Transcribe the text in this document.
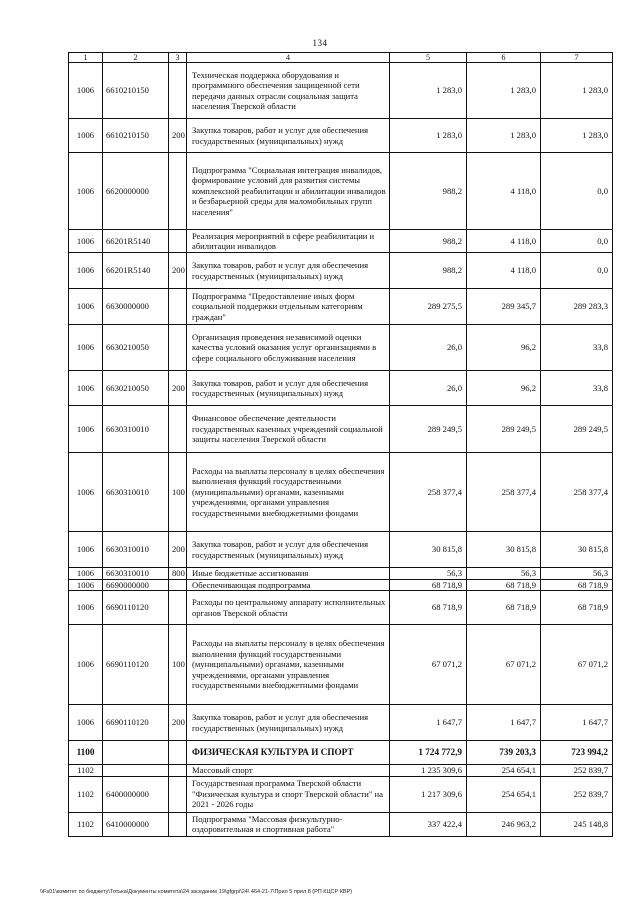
134
1	2	3	4	5	6	7
1006	6610210150		Техническая поддержка оборудования и программного обеспечения защищенной сети передачи данных отрасли социальная защита населения Тверской области	1 283,0	1 283,0	1 283,0
1006	6610210150	200	Закупка товаров, работ и услуг для обеспечения государственных (муниципальных) нужд	1 283,0	1 283,0	1 283,0
1006	6620000000		Подпрограмма "Социальная интеграция инвалидов, формирование условий для развития системы комплексной реабилитации и абилитации инвалидов и безбарьерной среды для маломобильных групп населения"	988,2	4 118,0	0,0
1006	66201R5140		Реализация мероприятий в сфере реабилитации и абилитации инвалидов	988,2	4 118,0	0,0
1006	66201R5140	200	Закупка товаров, работ и услуг для обеспечения государственных (муниципальных) нужд	988,2	4 118,0	0,0
1006	6630000000		Подпрограмма "Предоставление иных форм социальной поддержки отдельным категориям граждан"	289 275,5	289 345,7	289 283,3
1006	6630210050		Организация проведения независимой оценки качества условий оказания услуг организациями в сфере социального обслуживания населения	26,0	96,2	33,8
1006	6630210050	200	Закупка товаров, работ и услуг для обеспечения государственных (муниципальных) нужд	26,0	96,2	33,8
1006	6630310010		Финансовое обеспечение деятельности государственных казенных учреждений социальной защиты населения Тверской области	289 249,5	289 249,5	289 249,5
1006	6630310010	100	Расходы на выплаты персоналу в целях обеспечения выполнения функций государственными (муниципальными) органами, казенными учреждениями, органами управления государственными внебюджетными фондами	258 377,4	258 377,4	258 377,4
1006	6630310010	200	Закупка товаров, работ и услуг для обеспечения государственных (муниципальных) нужд	30 815,8	30 815,8	30 815,8
1006	6630310010	800	Иные бюджетные ассигнования	56,3	56,3	56,3
1006	6690000000		Обеспечивающая подпрограмма	68 718,9	68 718,9	68 718,9
1006	6690110120		Расходы по центральному аппарату исполнительных органов Тверской области	68 718,9	68 718,9	68 718,9
1006	6690110120	100	Расходы на выплаты персоналу в целях обеспечения выполнения функций государственными (муниципальными) органами, казенными учреждениями, органами управления государственными внебюджетными фондами	67 071,2	67 071,2	67 071,2
1006	6690110120	200	Закупка товаров, работ и услуг для обеспечения государственных (муниципальных) нужд	1 647,7	1 647,7	1 647,7
1100			ФИЗИЧЕСКАЯ КУЛЬТУРА И СПОРТ	1 724 772,9	739 203,3	723 994,2
1102			Массовый спорт	1 235 309,6	254 654,1	252 839,7
1102	6400000000		Государственная программа Тверской области "Физическая культура и спорт Тверской области" на 2021 - 2026 годы	1 217 309,6	254 654,1	252 839,7
1102	6410000000		Подпрограмма "Массовая физкультурно-оздоровительная и спортивная работа"	337 422,4	246 963,2	245 148,8
\\Fs01\комитет по бюджету\Тотька\Документы комитета\24 заседание 19\gfgrpi\24\ 464-21-7\Прил 5 прил 8 (РП КЦСР КВР)
